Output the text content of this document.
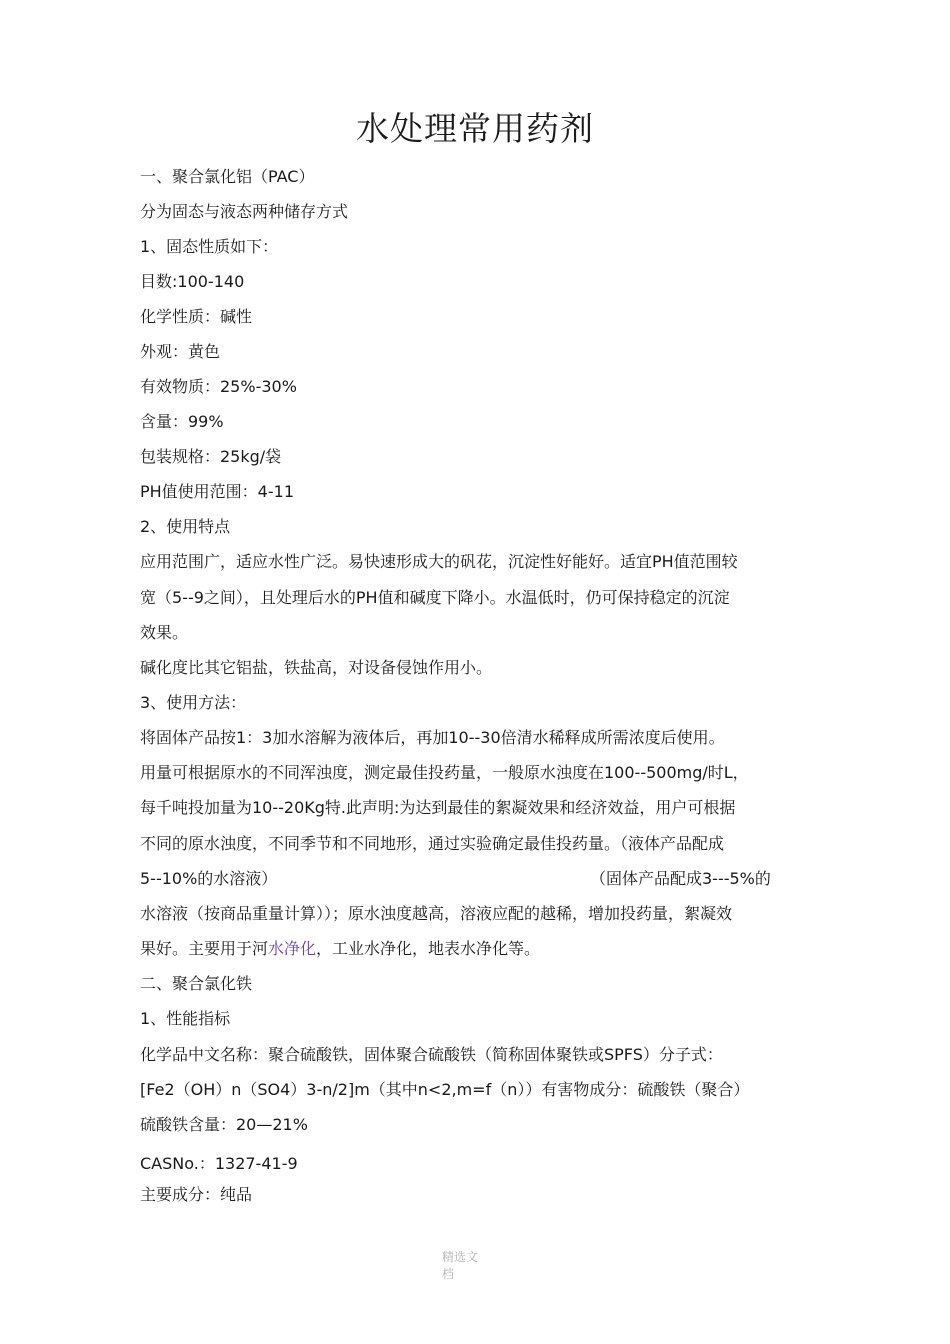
水处理常用药剂
一、聚合氯化铝（PAC）
分为固态与液态两种储存方式
1、固态性质如下：
目数:100-140
化学性质：碱性
外观：黄色
有效物质：25%-30%
含量：99%
包装规格：25kg/袋
PH值使用范围：4-11
2、使用特点
应用范围广，适应水性广泛。易快速形成大的矾花，沉淀性好能好。适宜PH值范围较
宽（5--9之间），且处理后水的PH值和碱度下降小。水温低时，仍可保持稳定的沉淀
效果。
碱化度比其它铝盐，铁盐高，对设备侵蚀作用小。
3、使用方法：
将固体产品按1：3加水溶解为液体后，再加10--30倍清水稀释成所需浓度后使用。
用量可根据原水的不同浑浊度，测定最佳投药量，一般原水浊度在100--500mg/时L，
每千吨投加量为10--20Kg特.此声明:为达到最佳的絮凝效果和经济效益，用户可根据
不同的原水浊度，不同季节和不同地形，通过实验确定最佳投药量。（液体产品配成
5--10%的水溶液）	（固体产品配成3---5%的
水溶液（按商品重量计算））；原水浊度越高，溶液应配的越稀，增加投药量，絮凝效
果好。主要用于河水净化，工业水净化，地表水净化等。
二、聚合氯化铁
1、性能指标
化学品中文名称：聚合硫酸铁，固体聚合硫酸铁（简称固体聚铁或SPFS）分子式：
[Fe2（OH）n（SO4）3-n/2]m（其中n<2,m=f（n））有害物成分：硫酸铁（聚合）
硫酸铁含量：20—21%
CASNo.：1327-41-9
主要成分：纯品
精选文
档
